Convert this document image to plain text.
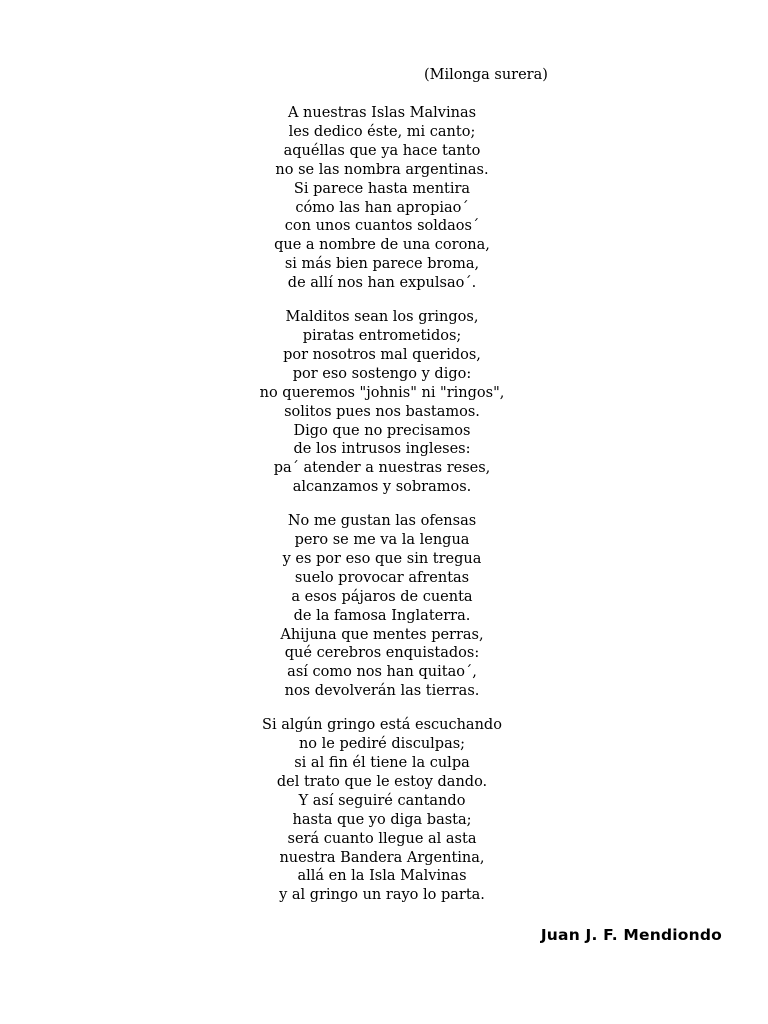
(Milonga surera)
A nuestras Islas Malvinas
les dedico éste, mi canto;
aquéllas que ya hace tanto
no se las nombra argentinas.
Si parece hasta mentira
cómo las han apropiao´
con unos cuantos soldaos´
que a nombre de una corona,
si más bien parece broma,
de allí nos han expulsao´.
Malditos sean los gringos,
piratas entrometidos;
por nosotros mal queridos,
por eso sostengo y digo:
no queremos "johnis" ni "ringos",
solitos pues nos bastamos.
Digo que no precisamos
de los intrusos ingleses:
pa´ atender a nuestras reses,
alcanzamos y sobramos.
No me gustan las ofensas
pero se me va la lengua
y es por eso que sin tregua
suelo provocar afrentas
a esos pájaros de cuenta
de la famosa Inglaterra.
Ahijuna que mentes perras,
qué cerebros enquistados:
así como nos han quitao´,
nos devolverán las tierras.
Si algún gringo está escuchando
no le pediré disculpas;
si al fin él tiene la culpa
del trato que le estoy dando.
Y así seguiré cantando
hasta que yo diga basta;
será cuanto llegue al asta
nuestra Bandera Argentina,
allá en la Isla Malvinas
y al gringo un rayo lo parta.
Juan J. F. Mendiondo
